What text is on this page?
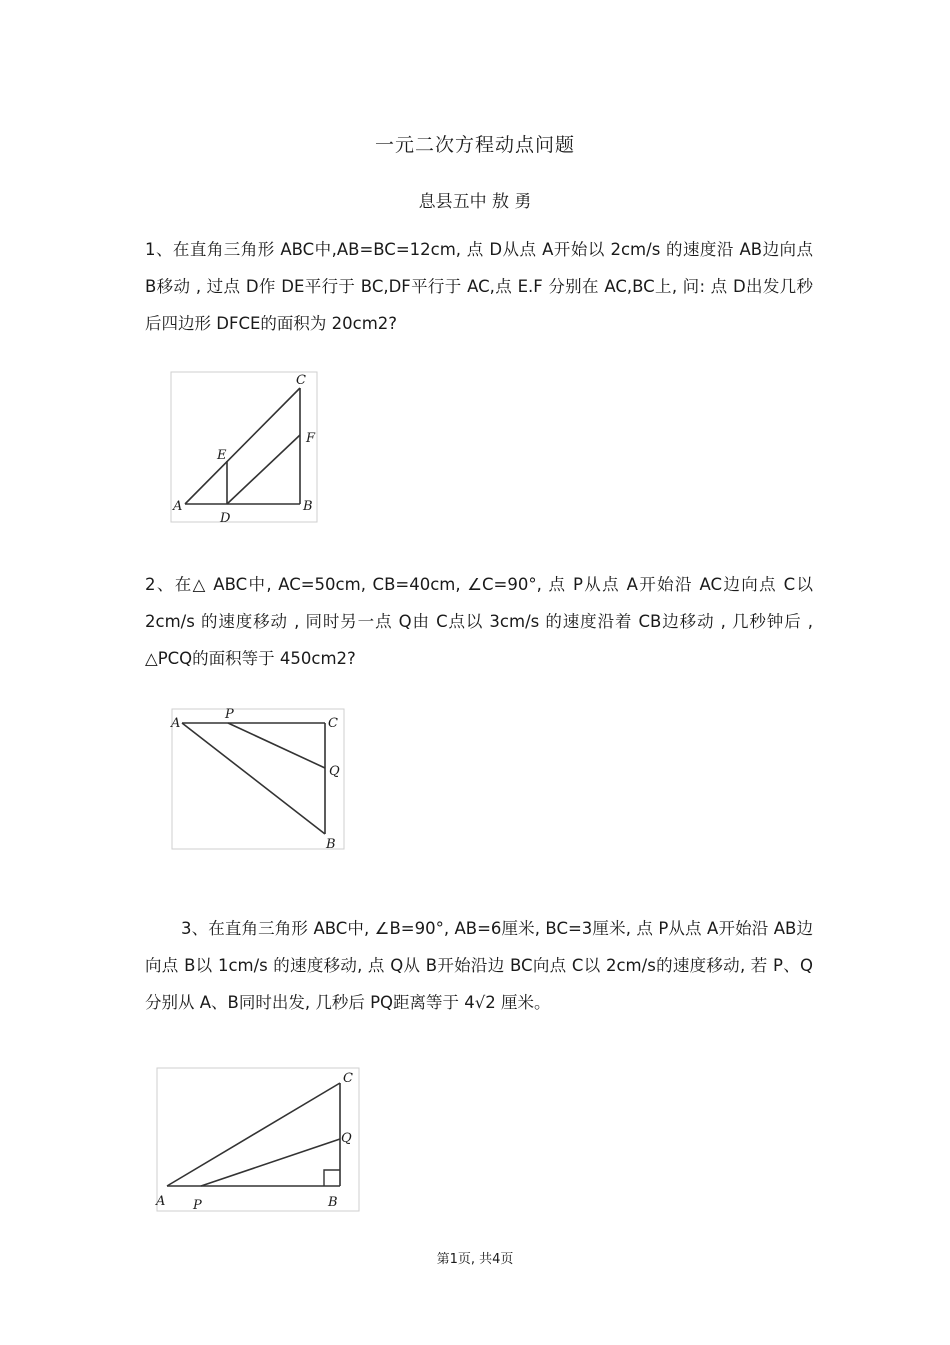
一元二次方程动点问题
息县五中 敖 勇
1、在直角三角形 ABC中,AB=BC=12cm, 点 D从点 A开始以 2cm/s 的速度沿 AB边向点 B移动 , 过点 D作 DE平行于 BC,DF平行于 AC,点 E.F 分别在 AC,BC上, 问: 点 D出发几秒后四边形 DFCE的面积为 20cm2?
A	B
C
D
E
F
2、在△ ABC中, AC=50cm, CB=40cm, ∠C=90°, 点 P从点 A开始沿 AC边向点 C以 2cm/s 的速度移动 , 同时另一点 Q由 C点以 3cm/s 的速度沿着 CB边移动 , 几秒钟后 , △PCQ的面积等于 450cm2?
A
P
C
Q
B
3、在直角三角形 ABC中, ∠B=90°, AB=6厘米, BC=3厘米, 点 P从点 A开始沿 AB边向点 B以 1cm/s 的速度移动, 点 Q从 B开始沿边 BC向点 C以 2cm/s的速度移动, 若 P、Q分别从 A、B同时出发, 几秒后 PQ距离等于 4√2 厘米。
A P	B
Q
C
第1页, 共4页
